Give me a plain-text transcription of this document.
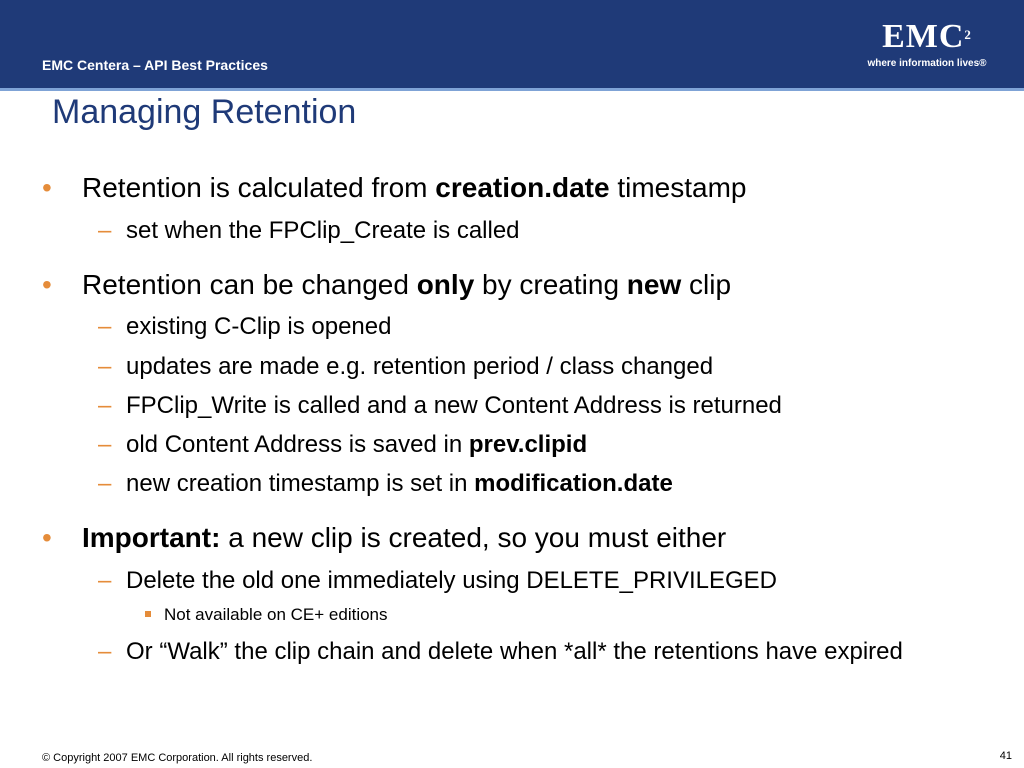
EMC Centera – API Best Practices
EMC$^2$
where information lives®
Managing Retention
• Retention is calculated from creation.date timestamp
– set when the FPClip_Create is called
• Retention can be changed only by creating new clip
– existing C-Clip is opened
– updates are made e.g. retention period / class changed
– FPClip_Write is called and a new Content Address is returned
– old Content Address is saved in prev.clipid
– new creation timestamp is set in modification.date
• Important: a new clip is created, so you must either
– Delete the old one immediately using DELETE_PRIVILEGED
Not available on CE+ editions
– Or “Walk” the clip chain and delete when *all* the retentions have expired
© Copyright 2007 EMC Corporation. All rights reserved.	41
